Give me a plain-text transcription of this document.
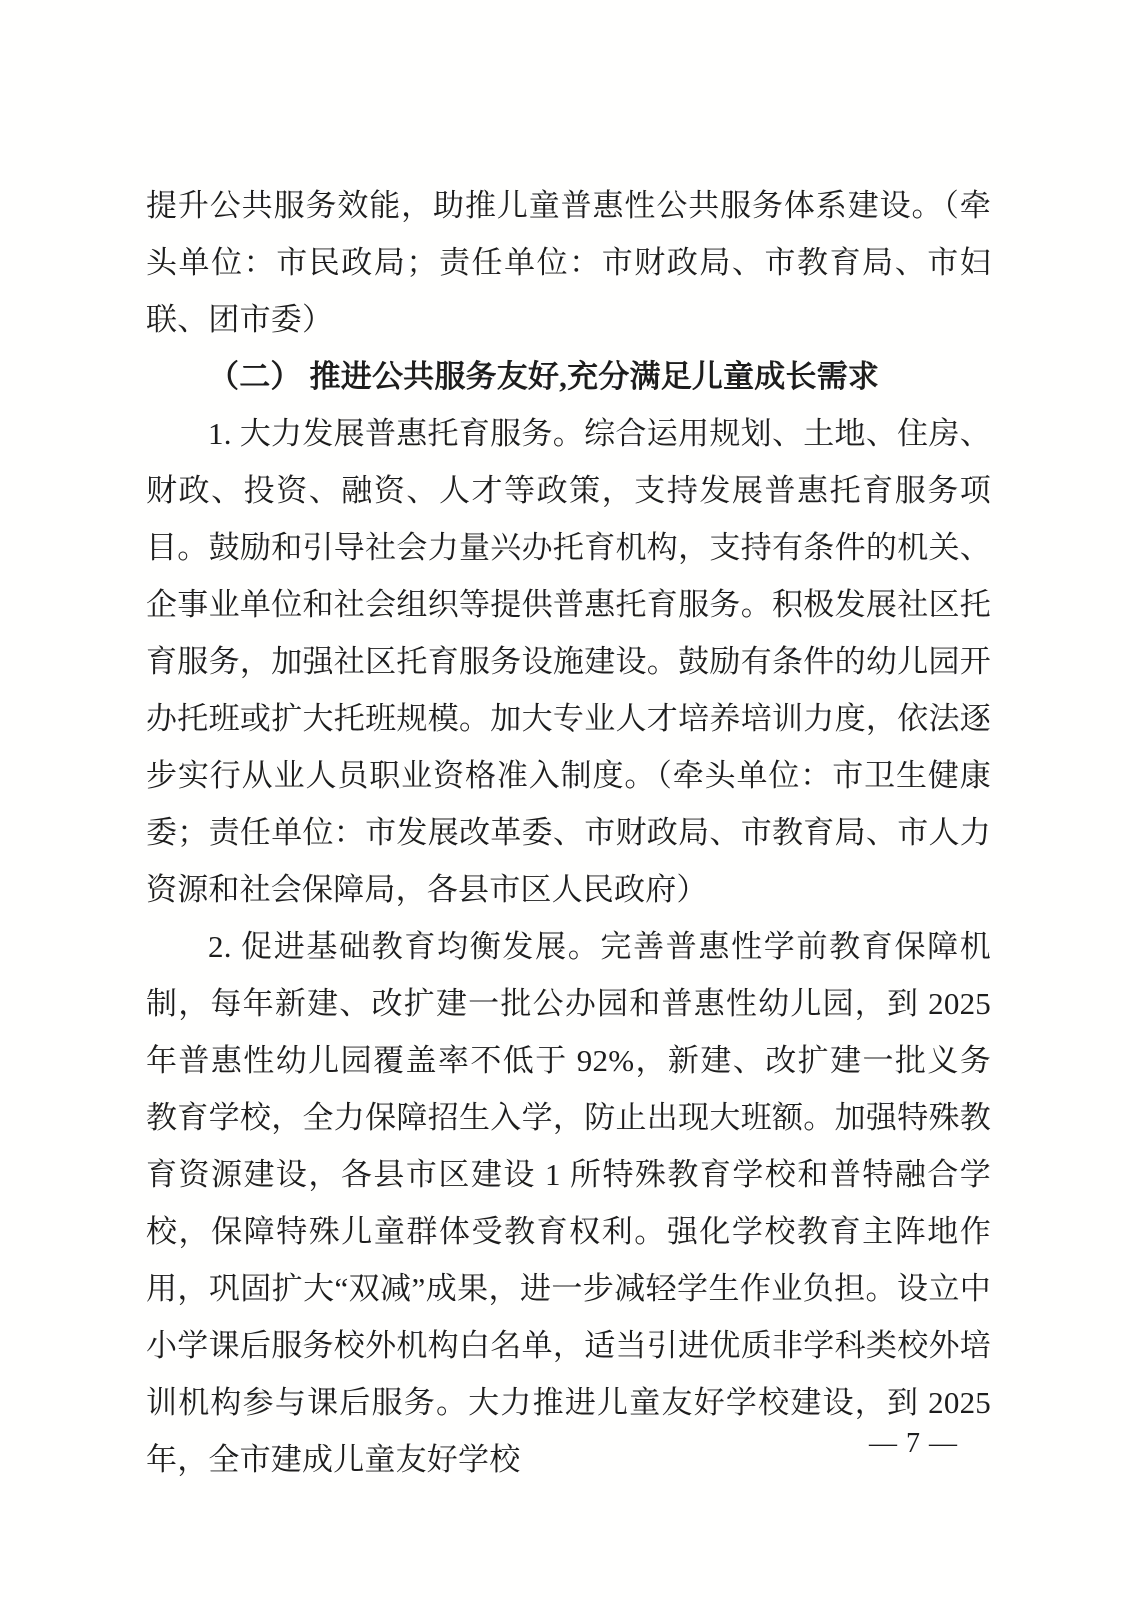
提升公共服务效能，助推儿童普惠性公共服务体系建设。（牵头单位：市民政局；责任单位：市财政局、市教育局、市妇联、团市委）

（二） 推进公共服务友好,充分满足儿童成长需求

1. 大力发展普惠托育服务。综合运用规划、土地、住房、财政、投资、融资、人才等政策，支持发展普惠托育服务项目。鼓励和引导社会力量兴办托育机构，支持有条件的机关、企事业单位和社会组织等提供普惠托育服务。积极发展社区托育服务，加强社区托育服务设施建设。鼓励有条件的幼儿园开办托班或扩大托班规模。加大专业人才培养培训力度，依法逐步实行从业人员职业资格准入制度。（牵头单位：市卫生健康委；责任单位：市发展改革委、市财政局、市教育局、市人力资源和社会保障局，各县市区人民政府）

2. 促进基础教育均衡发展。完善普惠性学前教育保障机制，每年新建、改扩建一批公办园和普惠性幼儿园，到 2025 年普惠性幼儿园覆盖率不低于 92%，新建、改扩建一批义务教育学校，全力保障招生入学，防止出现大班额。加强特殊教育资源建设，各县市区建设 1 所特殊教育学校和普特融合学校，保障特殊儿童群体受教育权利。强化学校教育主阵地作用，巩固扩大“双减”成果，进一步减轻学生作业负担。设立中小学课后服务校外机构白名单，适当引进优质非学科类校外培训机构参与课后服务。大力推进儿童友好学校建设，到 2025 年，全市建成儿童友好学校	— 7 —
